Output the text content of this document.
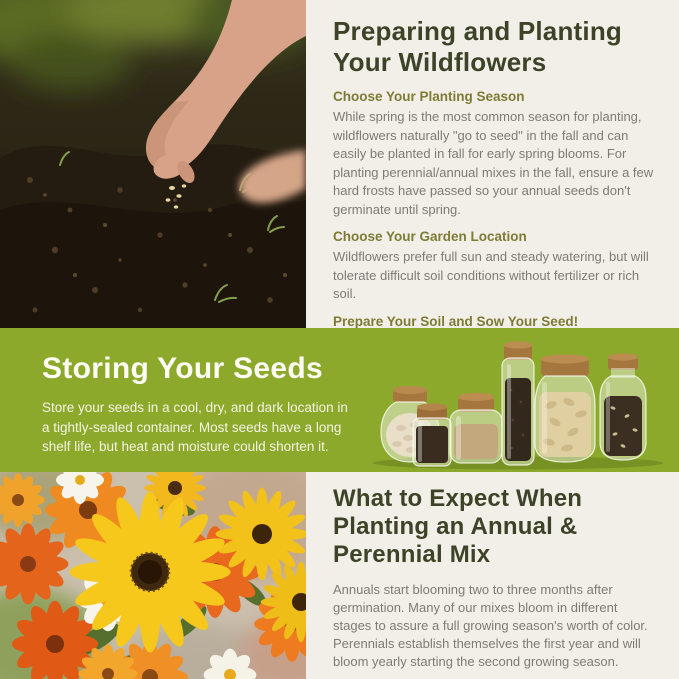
Preparing and Planting Your Wildflowers
Choose Your Planting Season

While spring is the most common season for planting, wildflowers naturally "go to seed" in the fall and can easily be planted in fall for early spring blooms. For planting perennial/annual mixes in the fall, ensure a few hard frosts have passed so your annual seeds don't germinate until spring.

Choose Your Garden Location

Wildflowers prefer full sun and steady watering, but will tolerate difficult soil conditions without fertilizer or rich soil.

Prepare Your Soil and Sow Your Seed!

Storing Your Seeds

Store your seeds in a cool, dry, and dark location in a tightly-sealed container. Most seeds have a long shelf life, but heat and moisture could shorten it.

What to Expect When Planting an Annual & Perennial Mix

Annuals start blooming two to three months after germination. Many of our mixes bloom in different stages to assure a full growing season's worth of color. Perennials establish themselves the first year and will bloom yearly starting the second growing season.
